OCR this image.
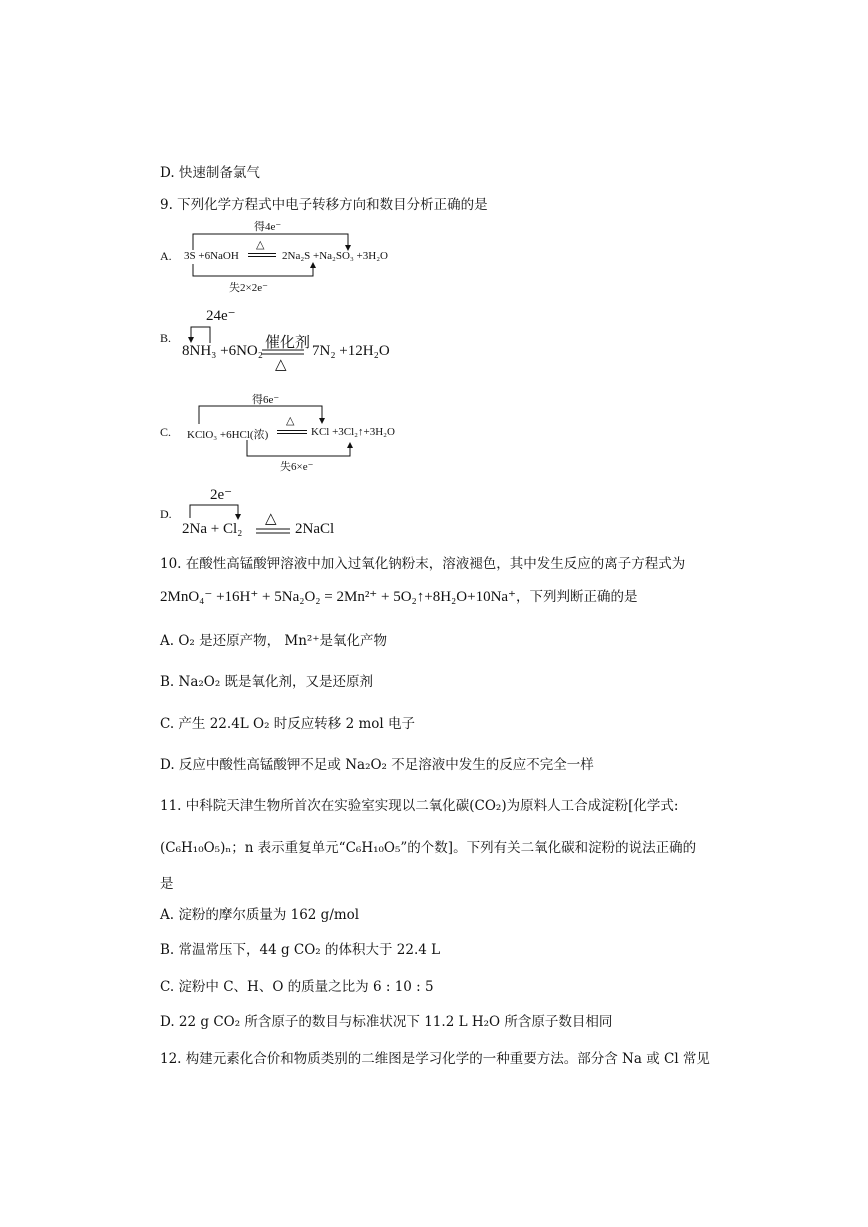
D. 快速制备氯气
9. 下列化学方程式中电子转移方向和数目分析正确的是
A.
得4e⁻
3S +6NaOH
△
2Na₂S +Na₂SO₃ +3H₂O
失2×2e⁻
B.
24e⁻
8NH₃ +6NO₂ 催化剂
△
7N₂ +12H₂O
C.
得6e⁻
KClO₃ +6HCl(浓)
△
KCl +3Cl₂↑+3H₂O
失6×e⁻
D.
2e⁻
2Na + Cl₂
△
2NaCl
10. 在酸性高锰酸钾溶液中加入过氧化钠粉末，溶液褪色，其中发生反应的离子方程式为
2MnO₄⁻ +16H⁺ + 5Na₂O₂ = 2Mn²⁺ + 5O₂↑+8H₂O+10Na⁺，下列判断正确的是
A. O₂ 是还原产物， Mn²⁺是氧化产物
B. Na₂O₂ 既是氧化剂，又是还原剂
C. 产生 22.4L O₂ 时反应转移 2 mol 电子
D. 反应中酸性高锰酸钾不足或 Na₂O₂ 不足溶液中发生的反应不完全一样
11. 中科院天津生物所首次在实验室实现以二氧化碳(CO₂)为原料人工合成淀粉[化学式:
(C₆H₁₀O₅)ₙ；n 表示重复单元“C₆H₁₀O₅”的个数]。下列有关二氧化碳和淀粉的说法正确的
是
A. 淀粉的摩尔质量为 162 g/mol
B. 常温常压下，44 g CO₂ 的体积大于 22.4 L
C. 淀粉中 C、H、O 的质量之比为 6 : 10 : 5
D. 22 g CO₂ 所含原子的数目与标准状况下 11.2 L H₂O 所含原子数目相同
12. 构建元素化合价和物质类别的二维图是学习化学的一种重要方法。部分含 Na 或 Cl 常见
